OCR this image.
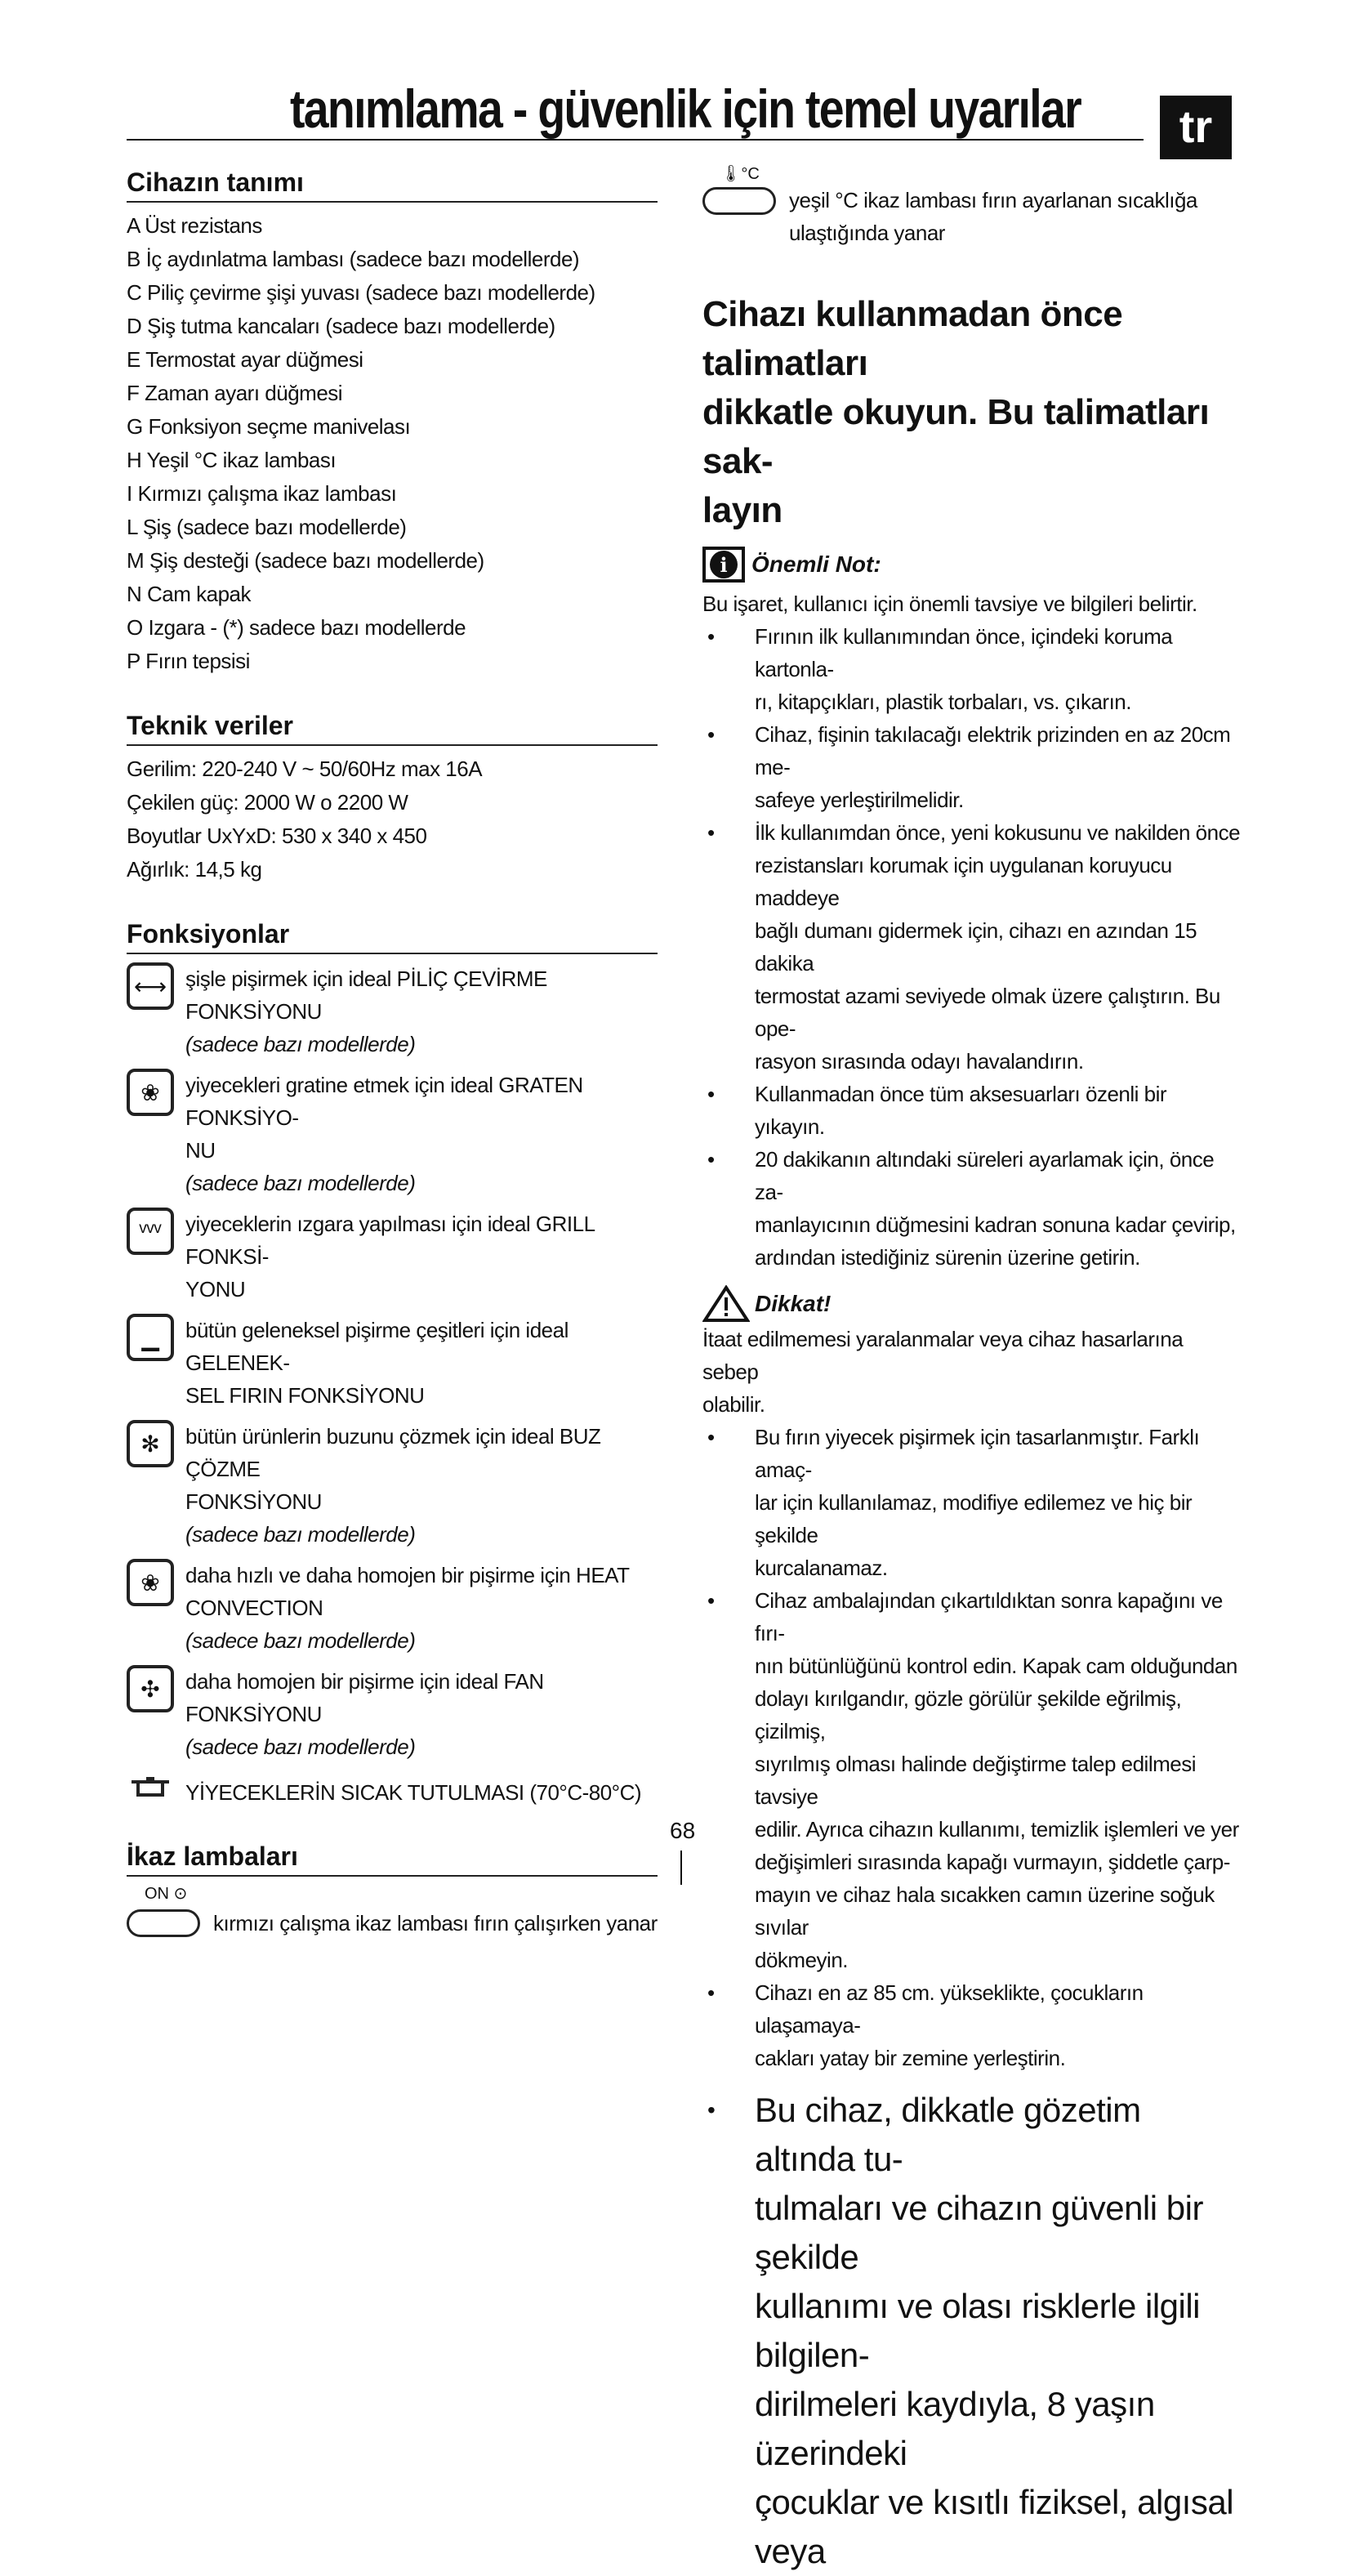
tanımlama - güvenlik için temel uyarılar	tr
Cihazın tanımı
A Üst rezistans
B İç aydınlatma lambası (sadece bazı modellerde)
C Piliç çevirme şişi yuvası (sadece bazı modellerde)
D Şiş tutma kancaları (sadece bazı modellerde)
E Termostat ayar düğmesi
F Zaman ayarı düğmesi
G Fonksiyon seçme manivelası
H Yeşil °C ikaz lambası
I Kırmızı çalışma ikaz lambası
L Şiş (sadece bazı modellerde)
M Şiş desteği (sadece bazı modellerde)
N Cam kapak
O Izgara - (*) sadece bazı modellerde
P Fırın tepsisi
Teknik veriler
Gerilim: 220-240 V ~ 50/60Hz max 16A
Çekilen güç: 2000 W o 2200 W
Boyutlar UxYxD: 530 x 340 x 450
Ağırlık: 14,5 kg
Fonksiyonlar
⟷ şişle pişirmek için ideal PİLİÇ ÇEVİRME FONKSİYONU
(sadece bazı modellerde)
❀	yiyecekleri gratine etmek için ideal GRATEN FONKSİYO-
NU
(sadece bazı modellerde)
ᵛᵛᵛ	yiyeceklerin ızgara yapılması için ideal GRILL FONKSİ-
YONU
▁	bütün geleneksel pişirme çeşitleri için ideal GELENEK-
SEL FIRIN FONKSİYONU
✻	bütün ürünlerin buzunu çözmek için ideal BUZ ÇÖZME
FONKSİYONU
(sadece bazı modellerde)
❀	daha hızlı ve daha homojen bir pişirme için HEAT
CONVECTION
(sadece bazı modellerde)
✣	daha homojen bir pişirme için ideal FAN FONKSİYONU
(sadece bazı modellerde)
YİYECEKLERİN SICAK TUTULMASI (70°C-80°C)
İkaz lambaları
ON ⊙
kırmızı çalışma ikaz lambası fırın çalışırken yanar
🌡°C
yeşil °C ikaz lambası fırın ayarlanan sıcaklığa
ulaştığında yanar
Cihazı kullanmadan önce talimatları
dikkatle okuyun. Bu talimatları sak-
layın
i	Önemli Not:
Bu işaret, kullanıcı için önemli tavsiye ve bilgileri belirtir.
•	Fırının ilk kullanımından önce, içindeki koruma kartonla-
rı, kitapçıkları, plastik torbaları, vs. çıkarın.
•	Cihaz, fişinin takılacağı elektrik prizinden en az 20cm me-
safeye yerleştirilmelidir.
•	İlk kullanımdan önce, yeni kokusunu ve nakilden önce
rezistansları korumak için uygulanan koruyucu maddeye
bağlı dumanı gidermek için, cihazı en azından 15 dakika
termostat azami seviyede olmak üzere çalıştırın. Bu ope-
rasyon sırasında odayı havalandırın.
•	Kullanmadan önce tüm aksesuarları özenli bir
yıkayın.
•	20 dakikanın altındaki süreleri ayarlamak için, önce za-
manlayıcının düğmesini kadran sonuna kadar çevirip,
ardından istediğiniz sürenin üzerine getirin.
Dikkat!
İtaat edilmemesi yaralanmalar veya cihaz hasarlarına sebep
olabilir.
•	Bu fırın yiyecek pişirmek için tasarlanmıştır. Farklı amaç-
lar için kullanılamaz, modifiye edilemez ve hiç bir şekilde
kurcalanamaz.
•	Cihaz ambalajından çıkartıldıktan sonra kapağını ve fırı-
nın bütünlüğünü kontrol edin. Kapak cam olduğundan
dolayı kırılgandır, gözle görülür şekilde eğrilmiş, çizilmiş,
sıyrılmış olması halinde değiştirme talep edilmesi tavsiye
edilir. Ayrıca cihazın kullanımı, temizlik işlemleri ve yer
değişimleri sırasında kapağı vurmayın, şiddetle çarp-
mayın ve cihaz hala sıcakken camın üzerine soğuk sıvılar
dökmeyin.
•	Cihazı en az 85 cm. yükseklikte, çocukların ulaşamaya-
cakları yatay bir zemine yerleştirin.
•	Bu cihaz, dikkatle gözetim altında tu-
tulmaları ve cihazın güvenli bir şekilde
kullanımı ve olası risklerle ilgili bilgilen-
dirilmeleri kaydıyla, 8 yaşın üzerindeki
çocuklar ve kısıtlı fiziksel, algısal veya
68
